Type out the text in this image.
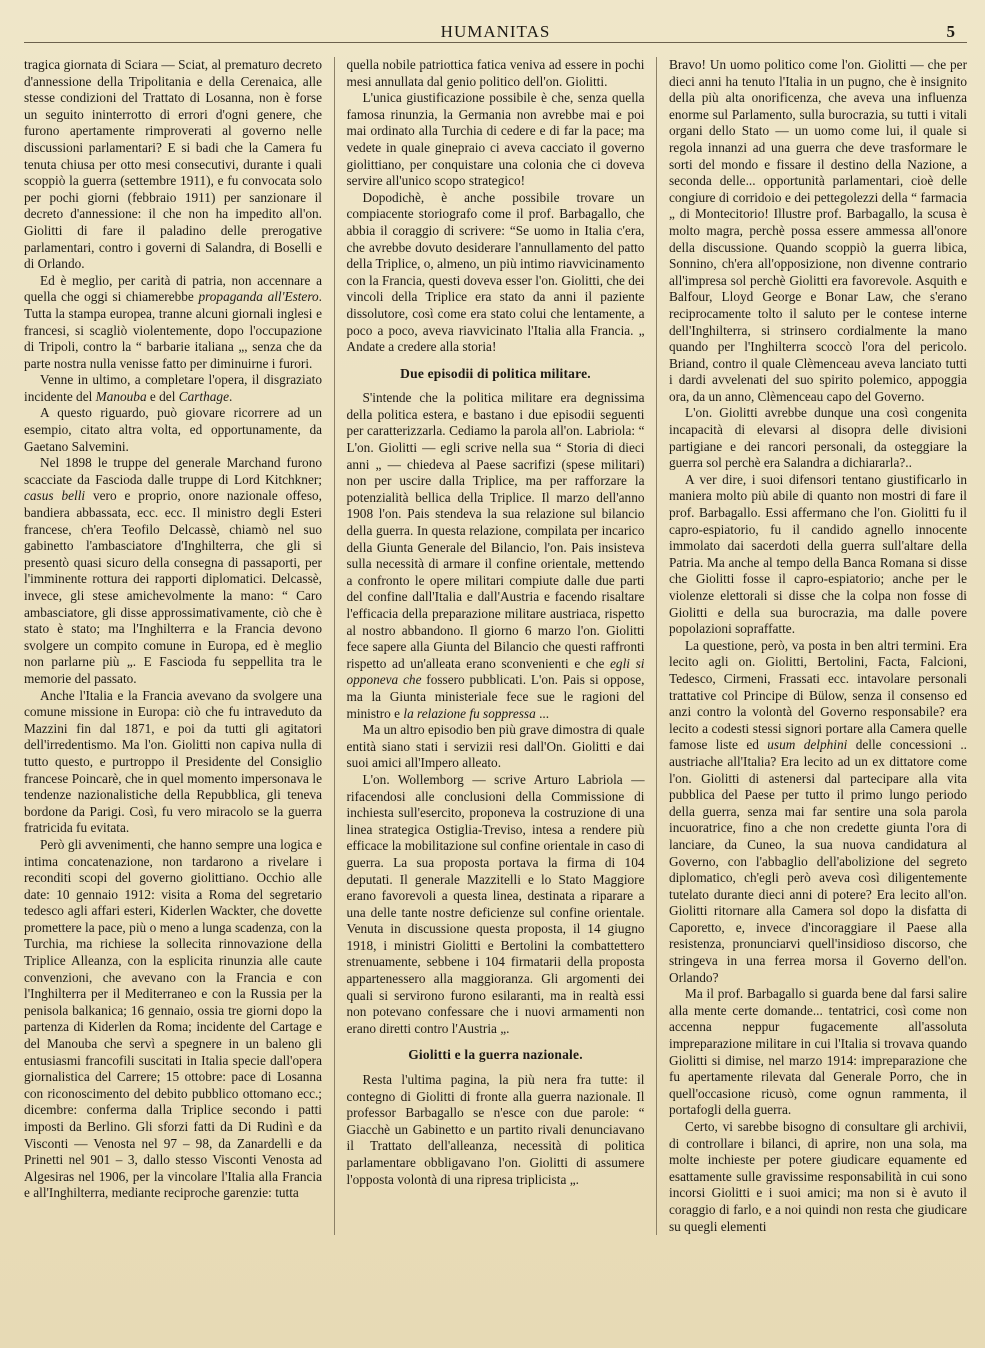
HUMANITAS	5

tragica giornata di Sciara — Sciat, al prematuro decreto d'annessione della Tripolitania e della Cerenaica, alle stesse condizioni del Trattato di Losanna, non è forse un seguito ininterrotto di errori d'ogni genere, che furono apertamente rimproverati al governo nelle discussioni parlamentari? E si badi che la Camera fu tenuta chiusa per otto mesi consecutivi, durante i quali scoppiò la guerra (settembre 1911), e fu convocata solo per pochi giorni (febbraio 1911) per sanzionare il decreto d'annessione: il che non ha impedito all'on. Giolitti di fare il paladino delle prerogative parlamentari, contro i governi di Salandra, di Boselli e di Orlando.

Ed è meglio, per carità di patria, non accennare a quella che oggi si chiamerebbe propaganda all'Estero. Tutta la stampa europea, tranne alcuni giornali inglesi e francesi, si scagliò violentemente, dopo l'occupazione di Tripoli, contro la “ barbarie italiana „, senza che da parte nostra nulla venisse fatto per diminuirne i furori.

Venne in ultimo, a completare l'opera, il disgraziato incidente del Manouba e del Carthage.

A questo riguardo, può giovare ricorrere ad un esempio, citato altra volta, ed opportunamente, da Gaetano Salvemini.

Nel 1898 le truppe del generale Marchand furono scacciate da Fascioda dalle truppe di Lord Kitchkner; casus belli vero e proprio, onore nazionale offeso, bandiera abbassata, ecc. ecc. Il ministro degli Esteri francese, ch'era Teofilo Delcassè, chiamò nel suo gabinetto l'ambasciatore d'Inghilterra, che gli si presentò quasi sicuro della consegna di passaporti, per l'imminente rottura dei rapporti diplomatici. Delcassè, invece, gli stese amichevolmente la mano: “ Caro ambasciatore, gli disse approssimativamente, ciò che è stato è stato; ma l'Inghilterra e la Francia devono svolgere un compito comune in Europa, ed è meglio non parlarne più „. E Fascioda fu seppellita tra le memorie del passato.

Anche l'Italia e la Francia avevano da svolgere una comune missione in Europa: ciò che fu intraveduto da Mazzini fin dal 1871, e poi da tutti gli agitatori dell'irredentismo. Ma l'on. Giolitti non capiva nulla di tutto questo, e purtroppo il Presidente del Consiglio francese Poincarè, che in quel momento impersonava le tendenze nazionalistiche della Repubblica, gli teneva bordone da Parigi. Così, fu vero miracolo se la guerra fratricida fu evitata.

Però gli avvenimenti, che hanno sempre una logica e intima concatenazione, non tardarono a rivelare i reconditi scopi del governo giolittiano. Occhio alle date: 10 gennaio 1912: visita a Roma del segretario tedesco agli affari esteri, Kiderlen Wackter, che dovette promettere la pace, più o meno a lunga scadenza, con la Turchia, ma richiese la sollecita rinnovazione della Triplice Alleanza, con la esplicita rinunzia alle caute convenzioni, che avevano con la Francia e con l'Inghilterra per il Mediterraneo e con la Russia per la penisola balkanica; 16 gennaio, ossia tre giorni dopo la partenza di Kiderlen da Roma; incidente del Cartage e del Manouba che servì a spegnere in un baleno gli entusiasmi francofili suscitati in Italia specie dall'opera giornalistica del Carrere; 15 ottobre: pace di Losanna con riconoscimento del debito pubblico ottomano ecc.; dicembre: conferma dalla Triplice secondo i patti imposti da Berlino. Gli sforzi fatti da Di Rudinì e da Visconti — Venosta nel 97 – 98, da Zanardelli e da Prinetti nel 901 – 3, dallo stesso Visconti Venosta ad Algesiras nel 1906, per la vincolare l'Italia alla Francia e all'Inghilterra, mediante reciproche garenzie: tutta

quella nobile patriottica fatica veniva ad essere in pochi mesi annullata dal genio politico dell'on. Giolitti.

L'unica giustificazione possibile è che, senza quella famosa rinunzia, la Germania non avrebbe mai e poi mai ordinato alla Turchia di cedere e di far la pace; ma vedete in quale ginepraio ci aveva cacciato il governo giolittiano, per conquistare una colonia che ci doveva servire all'unico scopo strategico!

Dopodichè, è anche possibile trovare un compiacente storiografo come il prof. Barbagallo, che abbia il coraggio di scrivere: “Se uomo in Italia c'era, che avrebbe dovuto desiderare l'annullamento del patto della Triplice, o, almeno, un più intimo riavvicinamento con la Francia, questi doveva esser l'on. Giolitti, che dei vincoli della Triplice era stato da anni il paziente dissolutore, così come era stato colui che lentamente, a poco a poco, aveva riavvicinato l'Italia alla Francia. „ Andate a credere alla storia!

Due episodii di politica militare.

S'intende che la politica militare era degnissima della politica estera, e bastano i due episodii seguenti per caratterizzarla. Cediamo la parola all'on. Labriola: “ L'on. Giolitti — egli scrive nella sua “ Storia di dieci anni „ — chiedeva al Paese sacrifizi (spese militari) non per uscire dalla Triplice, ma per rafforzare la potenzialità bellica della Triplice. Il marzo dell'anno 1908 l'on. Pais stendeva la sua relazione sul bilancio della guerra. In questa relazione, compilata per incarico della Giunta Generale del Bilancio, l'on. Pais insisteva sulla necessità di armare il confine orientale, mettendo a confronto le opere militari compiute dalle due parti del confine dall'Italia e dall'Austria e facendo risaltare l'efficacia della preparazione militare austriaca, rispetto al nostro abbandono. Il giorno 6 marzo l'on. Giolitti fece sapere alla Giunta del Bilancio che questi raffronti rispetto ad un'alleata erano sconvenienti e che egli si opponeva che fossero pubblicati. L'on. Pais si oppose, ma la Giunta ministeriale fece sue le ragioni del ministro e la relazione fu soppressa ...

Ma un altro episodio ben più grave dimostra di quale entità siano stati i servizii resi dall'On. Giolitti e dai suoi amici all'Impero alleato.

L'on. Wollemborg — scrive Arturo Labriola — rifacendosi alle conclusioni della Commissione di inchiesta sull'esercito, proponeva la costruzione di una linea strategica Ostiglia-Treviso, intesa a rendere più efficace la mobilitazione sul confine orientale in caso di guerra. La sua proposta portava la firma di 104 deputati. Il generale Mazzitelli e lo Stato Maggiore erano favorevoli a questa linea, destinata a riparare a una delle tante nostre deficienze sul confine orientale. Venuta in discussione questa proposta, il 14 giugno 1918, i ministri Giolitti e Bertolini la combattettero strenuamente, sebbene i 104 firmatarii della proposta appartenessero alla maggioranza. Gli argomenti dei quali si servirono furono esilaranti, ma in realtà essi non potevano confessare che i nuovi armamenti non erano diretti contro l'Austria „.

Giolitti e la guerra nazionale.

Resta l'ultima pagina, la più nera fra tutte: il contegno di Giolitti di fronte alla guerra nazionale. Il professor Barbagallo se n'esce con due parole: “ Giacchè un Gabinetto e un partito rivali denunciavano il Trattato dell'alleanza, necessità di politica parlamentare obbligavano l'on. Giolitti di assumere l'opposta volontà di una ripresa triplicista „.

Bravo! Un uomo politico come l'on. Giolitti — che per dieci anni ha tenuto l'Italia in un pugno, che è insignito della più alta onorificenza, che aveva una influenza enorme sul Parlamento, sulla burocrazia, su tutti i vitali organi dello Stato — un uomo come lui, il quale si regola innanzi ad una guerra che deve trasformare le sorti del mondo e fissare il destino della Nazione, a seconda delle... opportunità parlamentari, cioè delle congiure di corridoio e dei pettegolezzi della “ farmacia „ di Montecitorio! Illustre prof. Barbagallo, la scusa è molto magra, perchè possa essere ammessa all'onore della discussione. Quando scoppiò la guerra libica, Sonnino, ch'era all'opposizione, non divenne contrario all'impresa sol perchè Giolitti era favorevole. Asquith e Balfour, Lloyd George e Bonar Law, che s'erano reciprocamente tolto il saluto per le contese interne dell'Inghilterra, si strinsero cordialmente la mano quando per l'Inghilterra scoccò l'ora del pericolo. Briand, contro il quale Clèmenceau aveva lanciato tutti i dardi avvelenati del suo spirito polemico, appoggia ora, da un anno, Clèmenceau capo del Governo.

L'on. Giolitti avrebbe dunque una così congenita incapacità di elevarsi al disopra delle divisioni partigiane e dei rancori personali, da osteggiare la guerra sol perchè era Salandra a dichiararla?..

A ver dire, i suoi difensori tentano giustificarlo in maniera molto più abile di quanto non mostri di fare il prof. Barbagallo. Essi affermano che l'on. Giolitti fu il capro-espiatorio, fu il candido agnello innocente immolato dai sacerdoti della guerra sull'altare della Patria. Ma anche al tempo della Banca Romana si disse che Giolitti fosse il capro-espiatorio; anche per le violenze elettorali si disse che la colpa non fosse di Giolitti e della sua burocrazia, ma dalle povere popolazioni sopraffatte.

La questione, però, va posta in ben altri termini. Era lecito agli on. Giolitti, Bertolini, Facta, Falcioni, Tedesco, Cirmeni, Frassati ecc. intavolare personali trattative col Principe di Bülow, senza il consenso ed anzi contro la volontà del Governo responsabile? era lecito a codesti stessi signori portare alla Camera quelle famose liste ed usum delphini delle concessioni .. austriache all'Italia? Era lecito ad un ex dittatore come l'on. Giolitti di astenersi dal partecipare alla vita pubblica del Paese per tutto il primo lungo periodo della guerra, senza mai far sentire una sola parola incuoratrice, fino a che non credette giunta l'ora di lanciare, da Cuneo, la sua nuova candidatura al Governo, con l'abbaglio dell'abolizione del segreto diplomatico, ch'egli però aveva così diligentemente tutelato durante dieci anni di potere? Era lecito all'on. Giolitti ritornare alla Camera sol dopo la disfatta di Caporetto, e, invece d'incoraggiare il Paese alla resistenza, pronunciarvi quell'insidioso discorso, che stringeva in una ferrea morsa il Governo dell'on. Orlando?

Ma il prof. Barbagallo si guarda bene dal farsi salire alla mente certe domande... tentatrici, così come non accenna neppur fugacemente all'assoluta impreparazione militare in cui l'Italia si trovava quando Giolitti si dimise, nel marzo 1914: impreparazione che fu apertamente rilevata dal Generale Porro, che in quell'occasione ricusò, come ognun rammenta, il portafogli della guerra.

Certo, vi sarebbe bisogno di consultare gli archivii, di controllare i bilanci, di aprire, non una sola, ma molte inchieste per potere giudicare equamente ed esattamente sulle gravissime responsabilità in cui sono incorsi Giolitti e i suoi amici; ma non si è avuto il coraggio di farlo, e a noi quindi non resta che giudicare su quegli elementi
